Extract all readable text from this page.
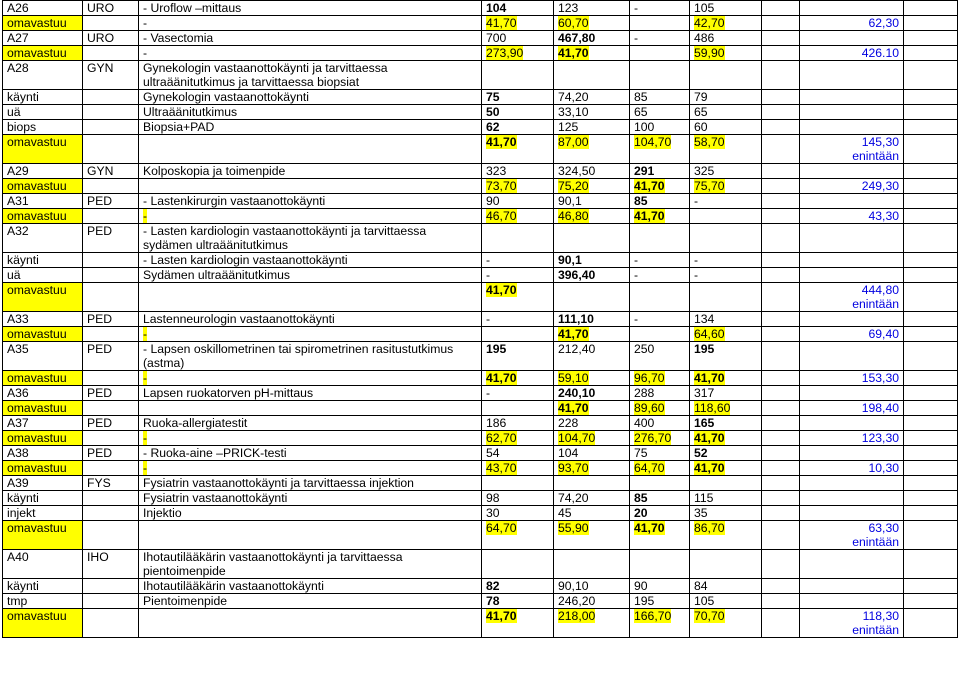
A26	URO	- Uroflow –mittaus	104	123	-	105			
omavastuu		-	41,70	60,70		42,70		62,30	
A27	URO	- Vasectomia	700	467,80	-	486			
omavastuu		-	273,90	41,70		59,90		426.10	
A28	GYN	Gynekologin vastaanottokäynti ja tarvittaessa ultraäänitutkimus ja tarvittaessa biopsiat							
käynti		Gynekologin vastaanottokäynti	75	74,20	85	79			
uä		Ultraäänitutkimus	50	33,10	65	65			
biops		Biopsia+PAD	62	125	100	60			
omavastuu			41,70	87,00	104,70	58,70		145,30
enintään	

A29	GYN	Kolposkopia ja toimenpide	323	324,50	291	325			
omavastuu			73,70	75,20	41,70	75,70		249,30	
A31	PED	- Lastenkirurgin vastaanottokäynti	90	90,1	85	-			
omavastuu		-	46,70	46,80	41,70			43,30	
A32	PED	- Lasten kardiologin vastaanottokäynti ja tarvittaessa sydämen ultraäänitutkimus							
käynti		- Lasten kardiologin vastaanottokäynti	-	90,1	-	-			
uä		Sydämen ultraäänitutkimus	-	396,40	-	-			
omavastuu			41,70					444,80
enintään	

A33	PED	Lastenneurologin vastaanottokäynti	-	111,10	-	134			
omavastuu		-		41,70		64,60		69,40	
A35	PED	- Lapsen oskillometrinen tai spirometrinen rasitustutkimus (astma)	195	212,40	250	195			
omavastuu		-	41,70	59,10	96,70	41,70		153,30	
A36	PED	Lapsen ruokatorven pH-mittaus	-	240,10	288	317			
omavastuu				41,70	89,60	118,60		198,40	
A37	PED	Ruoka-allergiatestit	186	228	400	165			
omavastuu		-	62,70	104,70	276,70	41,70		123,30	
A38	PED	- Ruoka-aine –PRICK-testi	54	104	75	52			
omavastuu		-	43,70	93,70	64,70	41,70		10,30	
A39	FYS	Fysiatrin vastaanottokäynti ja tarvittaessa injektion							
käynti		Fysiatrin vastaanottokäynti	98	74,20	85	115			
injekt		Injektio	30	45	20	35			
omavastuu			64,70	55,90	41,70	86,70		63,30
enintään	

A40	IHO	Ihotautilääkärin vastaanottokäynti ja tarvittaessa pientoimenpide							
käynti		Ihotautilääkärin vastaanottokäynti	82	90,10	90	84			
tmp		Pientoimenpide	78	246,20	195	105			
omavastuu			41,70	218,00	166,70	70,70		118,30
enintään	
